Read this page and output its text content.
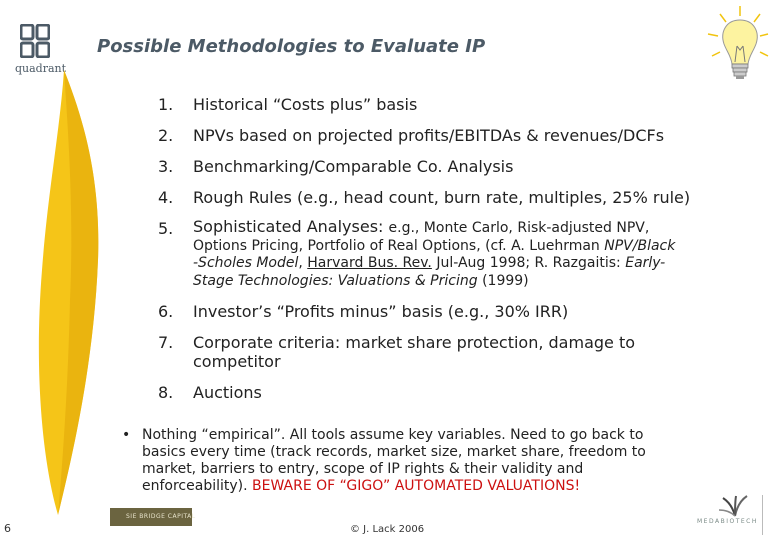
quadrant
Possible Methodologies to Evaluate IP
1.	Historical “Costs plus” basis
2.	NPVs based on projected profits/EBITDAs & revenues/DCFs
3.	Benchmarking/Comparable Co. Analysis
4.	Rough Rules (e.g., head count, burn rate, multiples, 25% rule)
5.	Sophisticated Analyses: e.g., Monte Carlo, Risk-adjusted NPV,
Options Pricing, Portfolio of Real Options, (cf. A. Luehrman NPV/Black
-Scholes Model, Harvard Bus. Rev. Jul-Aug 1998; R. Razgaitis: Early-
Stage Technologies: Valuations & Pricing (1999)
6.	Investor’s “Profits minus” basis (e.g., 30% IRR)
7.	Corporate criteria: market share protection, damage to
competitor
8.	Auctions
• Nothing “empirical”. All tools assume key variables. Need to go back to
basics every time (track records, market size, market share, freedom to
market, barriers to entry, scope of IP rights & their validity and
enforceability). BEWARE OF “GIGO” AUTOMATED VALUATIONS!
6
SIE BRIDGE CAPITAL
© J. Lack 2006
MEDABIOTECH
